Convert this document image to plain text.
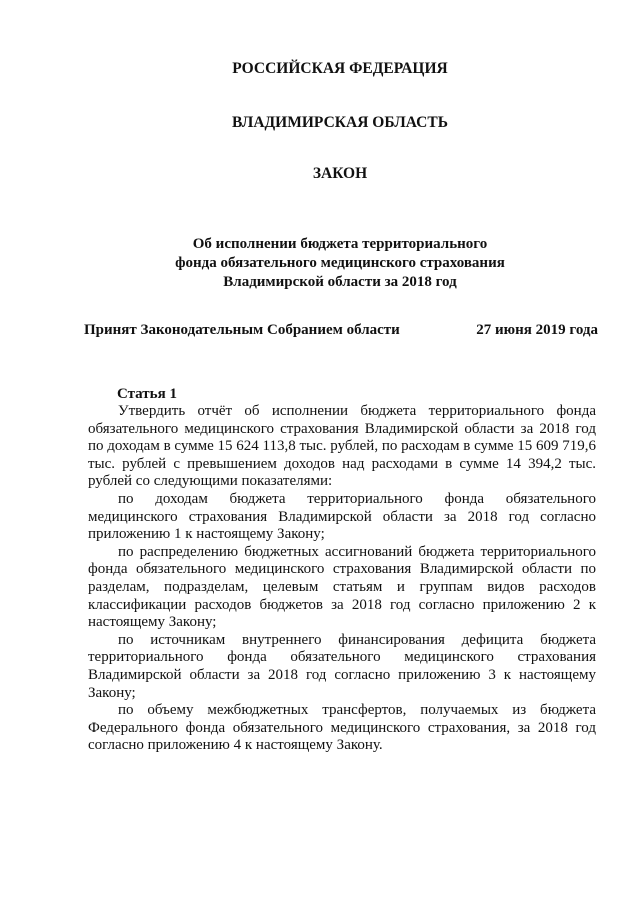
РОССИЙСКАЯ ФЕДЕРАЦИЯ
ВЛАДИМИРСКАЯ ОБЛАСТЬ
ЗАКОН
Об исполнении бюджета территориального
фонда обязательного медицинского страхования
Владимирской области за 2018 год
Принят Законодательным Собранием области	27 июня 2019 года
Статья 1

Утвердить отчёт об исполнении бюджета территориального фонда обязательного медицинского страхования Владимирской области за 2018 год по доходам в сумме 15 624 113,8 тыс. рублей, по расходам в сумме 15 609 719,6 тыс. рублей с превышением доходов над расходами в сумме 14 394,2 тыс. рублей со следующими показателями:

по доходам бюджета территориального фонда обязательного медицинского страхования Владимирской области за 2018 год согласно приложению 1 к настоящему Закону;

по распределению бюджетных ассигнований бюджета территориального фонда обязательного медицинского страхования Владимирской области по разделам, подразделам, целевым статьям и группам видов расходов классификации расходов бюджетов за 2018 год согласно приложению 2 к настоящему Закону;

по источникам внутреннего финансирования дефицита бюджета территориального фонда обязательного медицинского страхования Владимирской области за 2018 год согласно приложению 3 к настоящему Закону;

по объему межбюджетных трансфертов, получаемых из бюджета Федерального фонда обязательного медицинского страхования, за 2018 год согласно приложению 4 к настоящему Закону.
